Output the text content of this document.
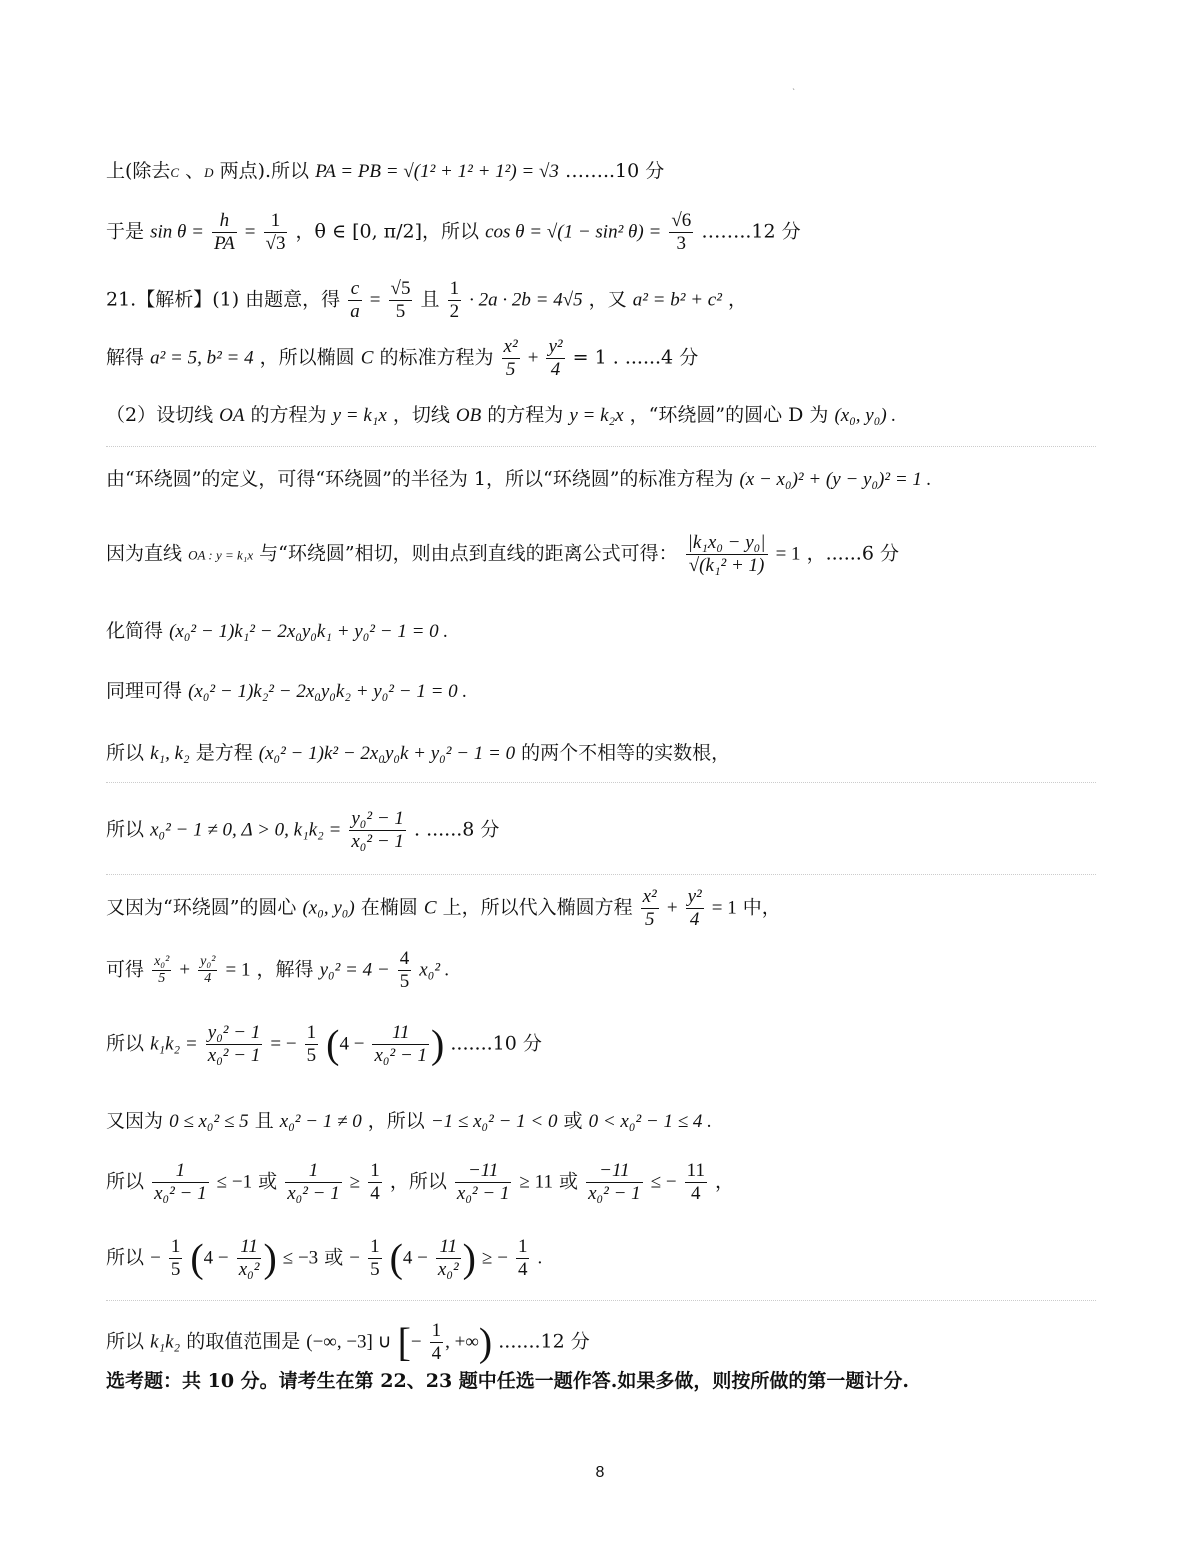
`
上(除去C 、D 两点).所以 PA = PB = √(1² + 1² + 1²) = √3 ……..10 分
于是 $\sin \theta = \frac{h}{PA} = \frac{1}{√3}$ ，θ ∈ [0, π/2]，所以 cos θ = √(1 − sin² $\theta) = \frac{√6}{3}$ ……..12 分
21.【解析】(1) 由题意，得 $\frac{c}{a} = \frac{√5}{5}$ 且 $\frac{1}{2} \cdot 2a \cdot 2b = 4√5$ ，又 a² = b² + c² ，
解得 a² = 5, b² = 4 ，所以椭圆 C 的标准方程为 $\frac{\text{x²}}{5} + \frac{\text{y²}}{4} = 1$ . ......4 分
（2）设切线 OA 的方程为 y = k₁x ，切线 OB 的方程为 y = k₂x ，“环绕圆”的圆心 D 为 (x₀, y₀) .
由“环绕圆”的定义，可得“环绕圆”的半径为 1，所以“环绕圆”的标准方程为 (x − x₀)² + (y − y₀)² = 1 .
因为直线 OA : y = k₁x 与“环绕圆”相切，则由点到直线的距离公式可得： $\frac{\text{|k₁x₀ − y₀|}}{\text{√(k₁² + 1)}} = 1$ ，......6 分
化简得 (x₀² − 1)k₁² − 2x₀y₀k₁ + y₀² − 1 = 0 .
同理可得 (x₀² − 1)k₂² − 2x₀y₀k₂ + y₀² − 1 = 0 .
所以 k₁, k₂ 是方程 (x₀² − 1)k² − 2x₀y₀k + y₀² − 1 = 0 的两个不相等的实数根，
所以 x₀² − 1 ≠ 0, Δ > 0, $k_1k_2 = \frac{\text{y₀² − 1}}{\text{x₀² − 1}}$ . ......8 分
又因为“环绕圆”的圆心 (x₀, y₀) 在椭圆 C 上，所以代入椭圆方程 $\frac{\text{x²}}{5} + \frac{\text{y²}}{4} = 1$ 中，
可得 $\frac{\text{x₀²}}{5} + \frac{\text{y₀²}}{4} = 1$ ，解得 $y_0^2 = 4 - \frac{4}{5} x_0^2$ .
所以 $k_1k_2 = \frac{\text{y₀² − 1}}{\text{x₀² − 1}}$ = − $\frac{1}{5} (4 - \frac{11}{\text{x₀² − 1}}$ ) .......10 分
又因为 0 ≤ x₀² ≤ 5 且 x₀² − 1 ≠ 0 ，所以 −1 ≤ x₀² − 1 < 0 或 0 < x₀² − 1 ≤ 4 .
所以 $\frac{1}{\text{x₀² − 1}} \le -1$ 或 $\frac{1}{\text{x₀² − 1}} \ge \frac{1}{4}$ ，所以 $\frac{-11}{\text{x₀² − 1}} \ge 11$ 或 $\frac{-11}{\text{x₀² − 1}}$ ≤ − $\frac{11}{4}$ ，
所以 − $\frac{1}{5} (4 - \frac{11}{\text{x₀²}}$ ) ≤ −3 或 − $\frac{1}{5} (4 - \frac{11}{\text{x₀²}}$ ) ≥ − $\frac{1}{4}$ .
所以 k₁k₂ 的取值范围是 (−∞, −3] ∪ [− $\frac{1}{4}$ , +∞) .......12 分
选考题：共 10 分。请考生在第 22、23 题中任选一题作答.如果多做，则按所做的第一题计分.
8
